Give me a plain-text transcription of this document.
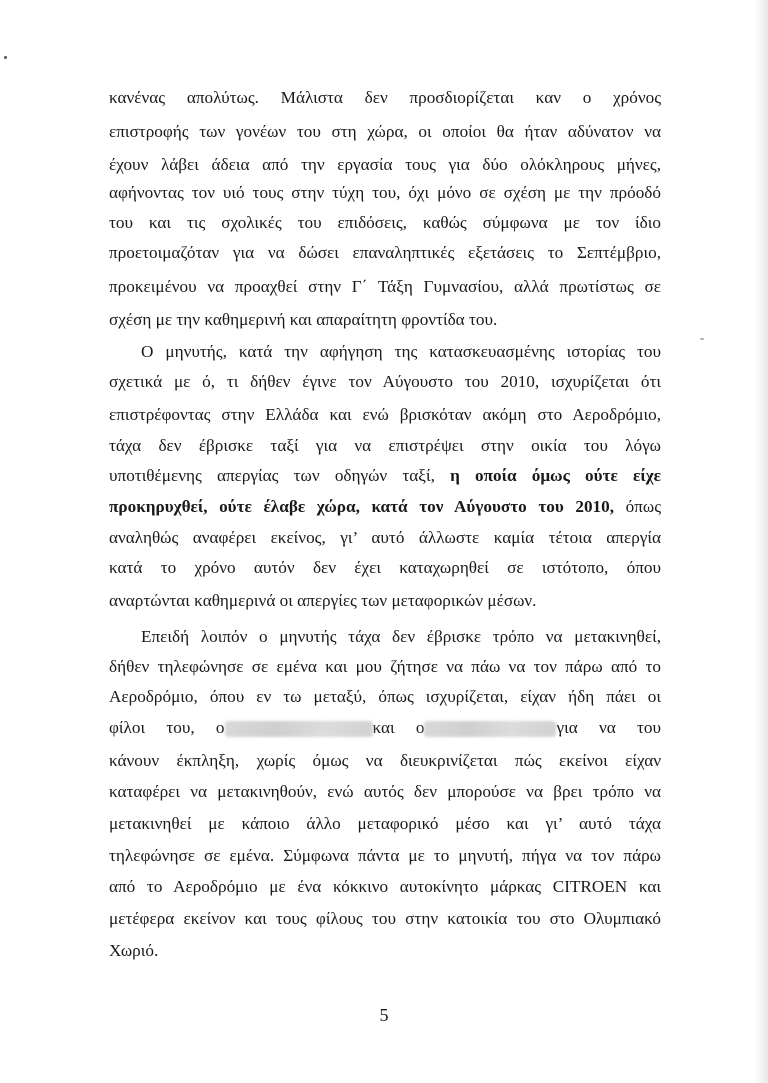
κανένας απολύτως. Μάλιστα δεν προσδιορίζεται καν ο χρόνος
επιστροφής των γονέων του στη χώρα, οι οποίοι θα ήταν αδύνατον να
έχουν λάβει άδεια από την εργασία τους για δύο ολόκληρους μήνες,
αφήνοντας τον υιό τους στην τύχη του, όχι μόνο σε σχέση με την πρόοδό
του και τις σχολικές του επιδόσεις, καθώς σύμφωνα με τον ίδιο
προετοιμαζόταν για να δώσει επαναληπτικές εξετάσεις το Σεπτέμβριο,
προκειμένου να προαχθεί στην Γ΄ Τάξη Γυμνασίου, αλλά πρωτίστως σε
σχέση με την καθημερινή και απαραίτητη φροντίδα του.
Ο μηνυτής, κατά την αφήγηση της κατασκευασμένης ιστορίας του
σχετικά με ό, τι δήθεν έγινε τον Αύγουστο του 2010, ισχυρίζεται ότι
επιστρέφοντας στην Ελλάδα και ενώ βρισκόταν ακόμη στο Αεροδρόμιο,
τάχα δεν έβρισκε ταξί για να επιστρέψει στην οικία του λόγω
υποτιθέμενης απεργίας των οδηγών ταξί, η οποία όμως ούτε είχε
προκηρυχθεί, ούτε έλαβε χώρα, κατά τον Αύγουστο του 2010, όπως
αναληθώς αναφέρει εκείνος, γι’ αυτό άλλωστε καμία τέτοια απεργία
κατά το χρόνο αυτόν δεν έχει καταχωρηθεί σε ιστότοπο, όπου
αναρτώνται καθημερινά οι απεργίες των μεταφορικών μέσων.
Επειδή λοιπόν ο μηνυτής τάχα δεν έβρισκε τρόπο να μετακινηθεί,
δήθεν τηλεφώνησε σε εμένα και μου ζήτησε να πάω να τον πάρω από το
Αεροδρόμιο, όπου εν τω μεταξύ, όπως ισχυρίζεται, είχαν ήδη πάει οι
φίλοι του, ο	και ο	για να του
κάνουν έκπληξη, χωρίς όμως να διευκρινίζεται πώς εκείνοι είχαν
καταφέρει να μετακινηθούν, ενώ αυτός δεν μπορούσε να βρει τρόπο να
μετακινηθεί με κάποιο άλλο μεταφορικό μέσο και γι’ αυτό τάχα
τηλεφώνησε σε εμένα. Σύμφωνα πάντα με το μηνυτή, πήγα να τον πάρω
από το Αεροδρόμιο με ένα κόκκινο αυτοκίνητο μάρκας CITROEN και
μετέφερα εκείνον και τους φίλους του στην κατοικία του στο Ολυμπιακό
Χωριό.
5
